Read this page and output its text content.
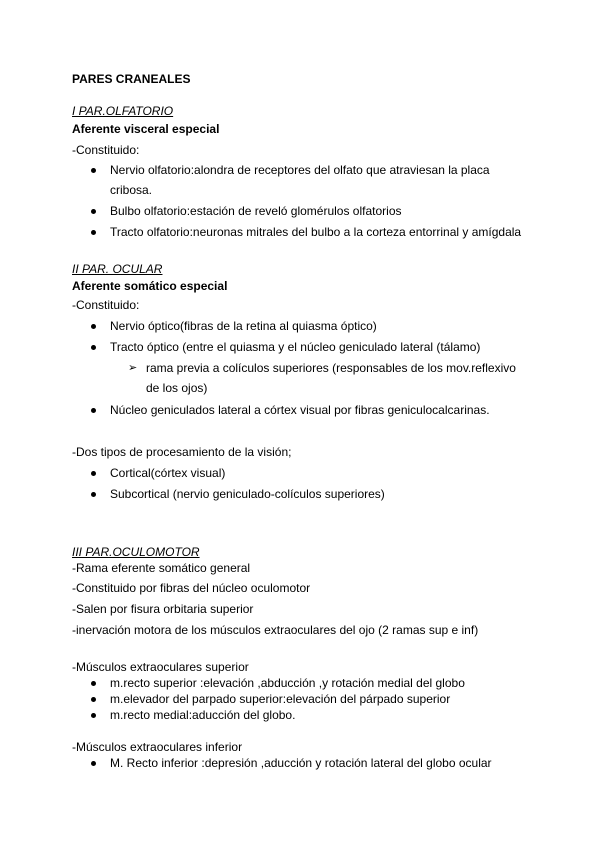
PARES CRANEALES
I PAR.OLFATORIO
Aferente visceral especial
-Constituido:
Nervio olfatorio:alondra de receptores del olfato que atraviesan la placa
cribosa.
Bulbo olfatorio:estación de reveló glomérulos olfatorios
Tracto olfatorio:neuronas mitrales del bulbo a la corteza entorrinal y amígdala
II PAR. OCULAR
Aferente somático especial
-Constituido:
Nervio óptico(fibras de la retina al quiasma óptico)
Tracto óptico (entre el quiasma y el núcleo geniculado lateral (tálamo)
➢ rama previa a colículos superiores (responsables de los mov.reflexivo
de los ojos)
Núcleo geniculados lateral a córtex visual por fibras geniculocalcarinas.
-Dos tipos de procesamiento de la visión;
Cortical(córtex visual)
Subcortical (nervio geniculado-colículos superiores)
III PAR.OCULOMOTOR
-Rama eferente somático general
-Constituido por fibras del núcleo oculomotor
-Salen por fisura orbitaria superior
-inervación motora de los músculos extraoculares del ojo (2 ramas sup e inf)
-Músculos extraoculares superior
m.recto superior :elevación ,abducción ,y rotación medial del globo
m.elevador del parpado superior:elevación del párpado superior
m.recto medial:aducción del globo.
-Músculos extraoculares inferior
M. Recto inferior :depresión ,aducción y rotación lateral del globo ocular
